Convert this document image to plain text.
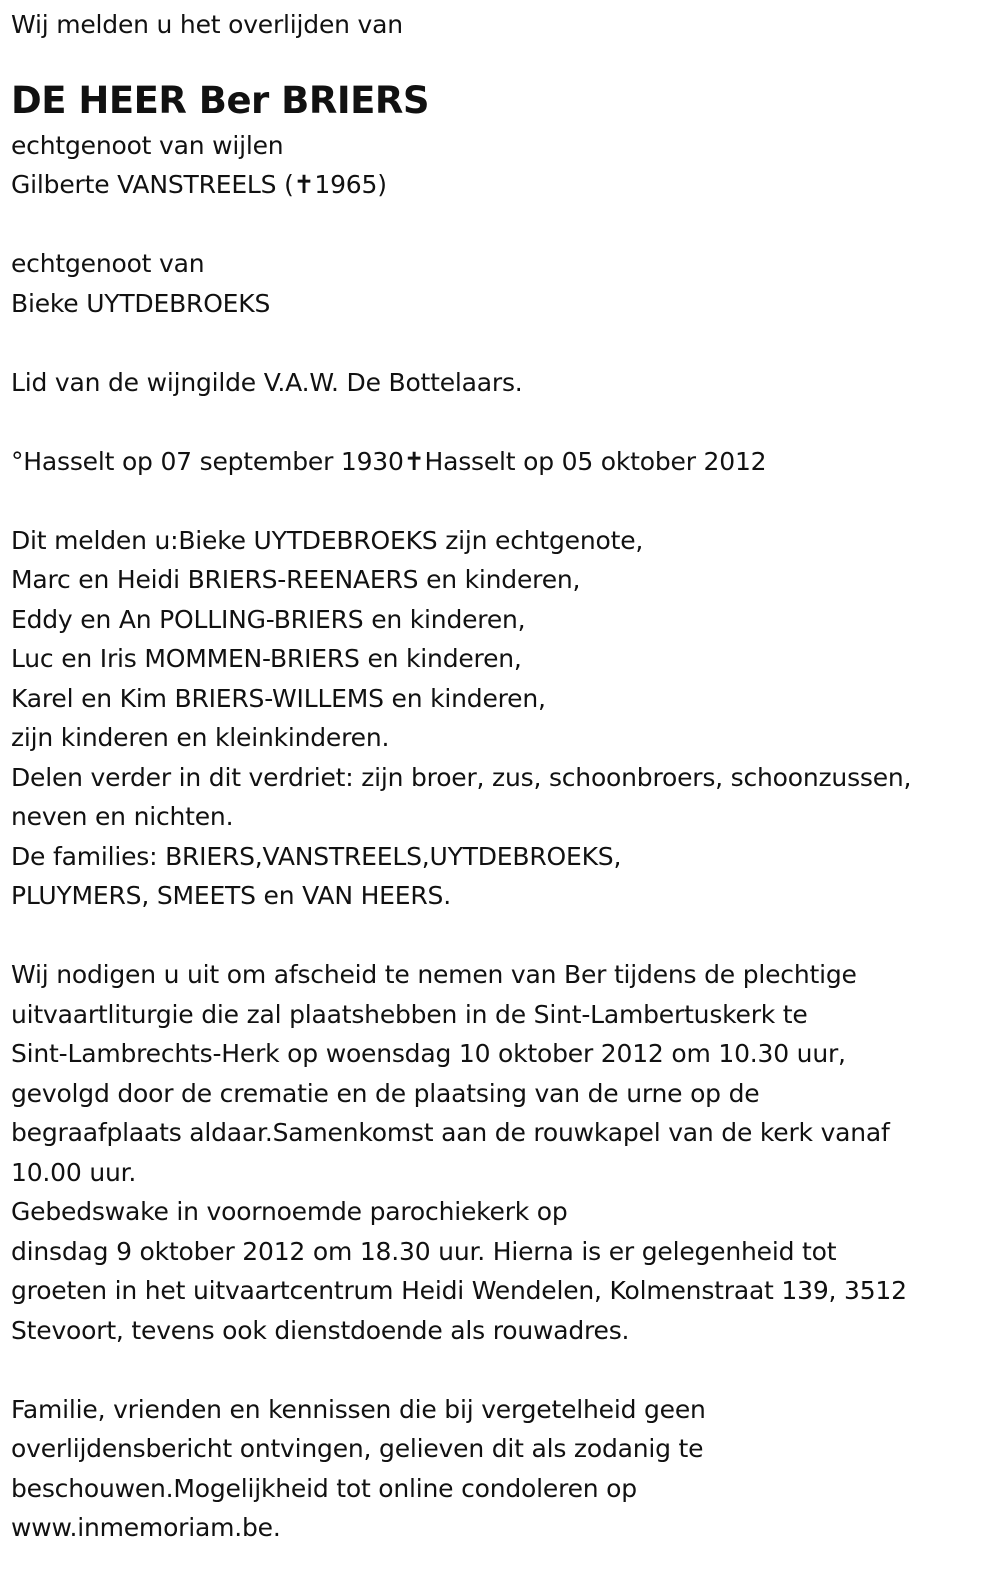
Wij melden u het overlijden van
DE HEER Ber BRIERS
echtgenoot van wijlen
Gilberte VANSTREELS (✝1965)
echtgenoot van
Bieke UYTDEBROEKS
Lid van de wijngilde V.A.W. De Bottelaars.
°Hasselt op 07 september 1930✝Hasselt op 05 oktober 2012
Dit melden u:Bieke UYTDEBROEKS zijn echtgenote,
Marc en Heidi BRIERS-REENAERS en kinderen,
Eddy en An POLLING-BRIERS en kinderen,
Luc en Iris MOMMEN-BRIERS en kinderen,
Karel en Kim BRIERS-WILLEMS en kinderen,
zijn kinderen en kleinkinderen.
Delen verder in dit verdriet: zijn broer, zus, schoonbroers, schoonzussen,
neven en nichten.
De families: BRIERS,VANSTREELS,UYTDEBROEKS,
PLUYMERS, SMEETS en VAN HEERS.
Wij nodigen u uit om afscheid te nemen van Ber tijdens de plechtige
uitvaartliturgie die zal plaatshebben in de Sint-Lambertuskerk te
Sint-Lambrechts-Herk op woensdag 10 oktober 2012 om 10.30 uur,
gevolgd door de crematie en de plaatsing van de urne op de
begraafplaats aldaar.Samenkomst aan de rouwkapel van de kerk vanaf
10.00 uur.
Gebedswake in voornoemde parochiekerk op
dinsdag 9 oktober 2012 om 18.30 uur. Hierna is er gelegenheid tot
groeten in het uitvaartcentrum Heidi Wendelen, Kolmenstraat 139, 3512
Stevoort, tevens ook dienstdoende als rouwadres.
Familie, vrienden en kennissen die bij vergetelheid geen
overlijdensbericht ontvingen, gelieven dit als zodanig te
beschouwen.Mogelijkheid tot online condoleren op
www.inmemoriam.be.
